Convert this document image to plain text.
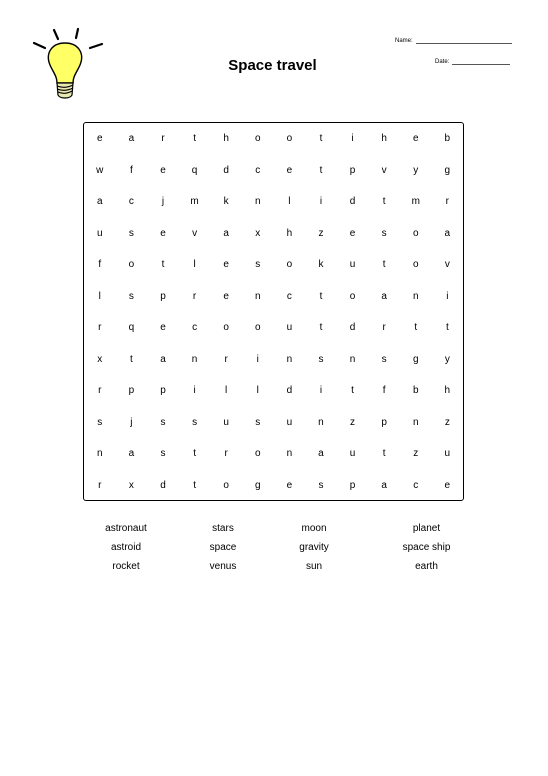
Space travel
Name:
Date:
e	a	r	t	h	o	o	t	i	h	e	b
w	f	e	q	d	c	e	t	p	v	y	g
a	c	j	m	k	n	l	i	d	t	m	r
u	s	e	v	a	x	h	z	e	s	o	a
f	o	t	l	e	s	o	k	u	t	o	v
l	s	p	r	e	n	c	t	o	a	n	i
r	q	e	c	o	o	u	t	d	r	t	t
x	t	a	n	r	i	n	s	n	s	g	y
r	p	p	i	l	l	d	i	t	f	b	h
s	j	s	s	u	s	u	n	z	p	n	z
n	a	s	t	r	o	n	a	u	t	z	u
r	x	d	t	o	g	e	s	p	a	c	e
astronaut	stars	moon	planet
astroid	space	gravity	space ship
rocket	venus	sun	earth
